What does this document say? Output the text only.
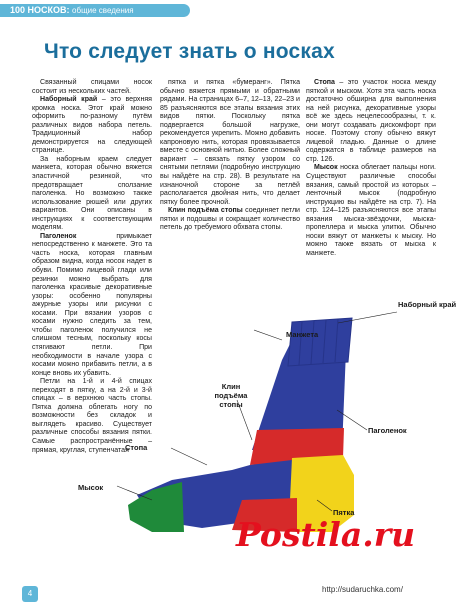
100 НОСКОВ: общие сведения
Что следует знать о носках

Связанный спицами носок состоит из нескольких частей.

Наборный край – это верхняя кромка носка. Этот край можно оформить по-разному путём различных видов набора петель. Традиционный набор демонстрируется на следующей странице.

За наборным краем следует манжета, которая обычно вяжется эластичной резинкой, что предотвращает сползание паголенка. Но возможно также использование рюшей или других вариантов. Они описаны в инструкциях к соответствующим моделям.

Паголенок примыкает непосредственно к манжете. Это та часть носка, которая главным образом видна, когда носок надет в обуви. Помимо лицевой глади или резинки можно выбрать для паголенка красивые декоративные узоры: особенно популярны ажурные узоры или рисунки с косами. При вязании узоров с косами нужно следить за тем, чтобы паголенок получился не слишком тесным, поскольку косы стягивают петли. При необходимости в начале узора с косами можно прибавить петли, а в конце вновь их убавить.

Петли на 1-й и 4-й спицах переходят в пятку, а на 2-й и 3-й спицах – в верхнюю часть стопы. Пятка должна облегать ногу по возможности без складок и выглядеть красиво. Существует различные способы вязания пятки. Самые распространённые – прямая, круглая, ступенчатая

пятка и пятка «бумеранг». Пятка обычно вяжется прямыми и обратными рядами. На страницах 6–7, 12–13, 22–23 и 85 разъясняются все этапы вязания этих видов пятки. Поскольку пятка подвергается большой нагрузке, рекомендуется укрепить. Можно добавить капроновую нить, которая провязывается вместе с основной нитью. Более сложный вариант – связать пятку узором со снятыми петлями (подробную инструкцию вы найдёте на стр. 28). В результате на изнаночной стороне за петлёй располагается двойная нить, что делает пятку более прочной.

Клин подъёма стопы соединяет петли пятки и подошвы и сокращает количество петель до требуемого обхвата стопы.

Стопа – это участок носка между пяткой и мыском. Хотя эта часть носка достаточно обширна для выполнения на ней рисунка, декоративные узоры всё же здесь нецелесообразны, т. к. они могут создавать дискомфорт при носке. Поэтому стопу обычно вяжут лицевой гладью. Данные о длине содержатся в таблице размеров на стр. 126.

Мысок носка облегает пальцы ноги. Существуют различные способы вязания, самый простой из которых – ленточный мысок (подробную инструкцию вы найдёте на стр. 7). На стр. 124–125 разъясняются все этапы вязания мыска-звёздочки, мыска-пропеллера и мыска улитки. Обычно носки вяжут от манжеты к мыску. Но можно также вязать от мыска к манжете.

Наборный край
Манжета
Клин подъёма стопы
Паголенок
Стопа
Мысок
Пятка
Postila.ru
http://sudaruchka.com/
4
